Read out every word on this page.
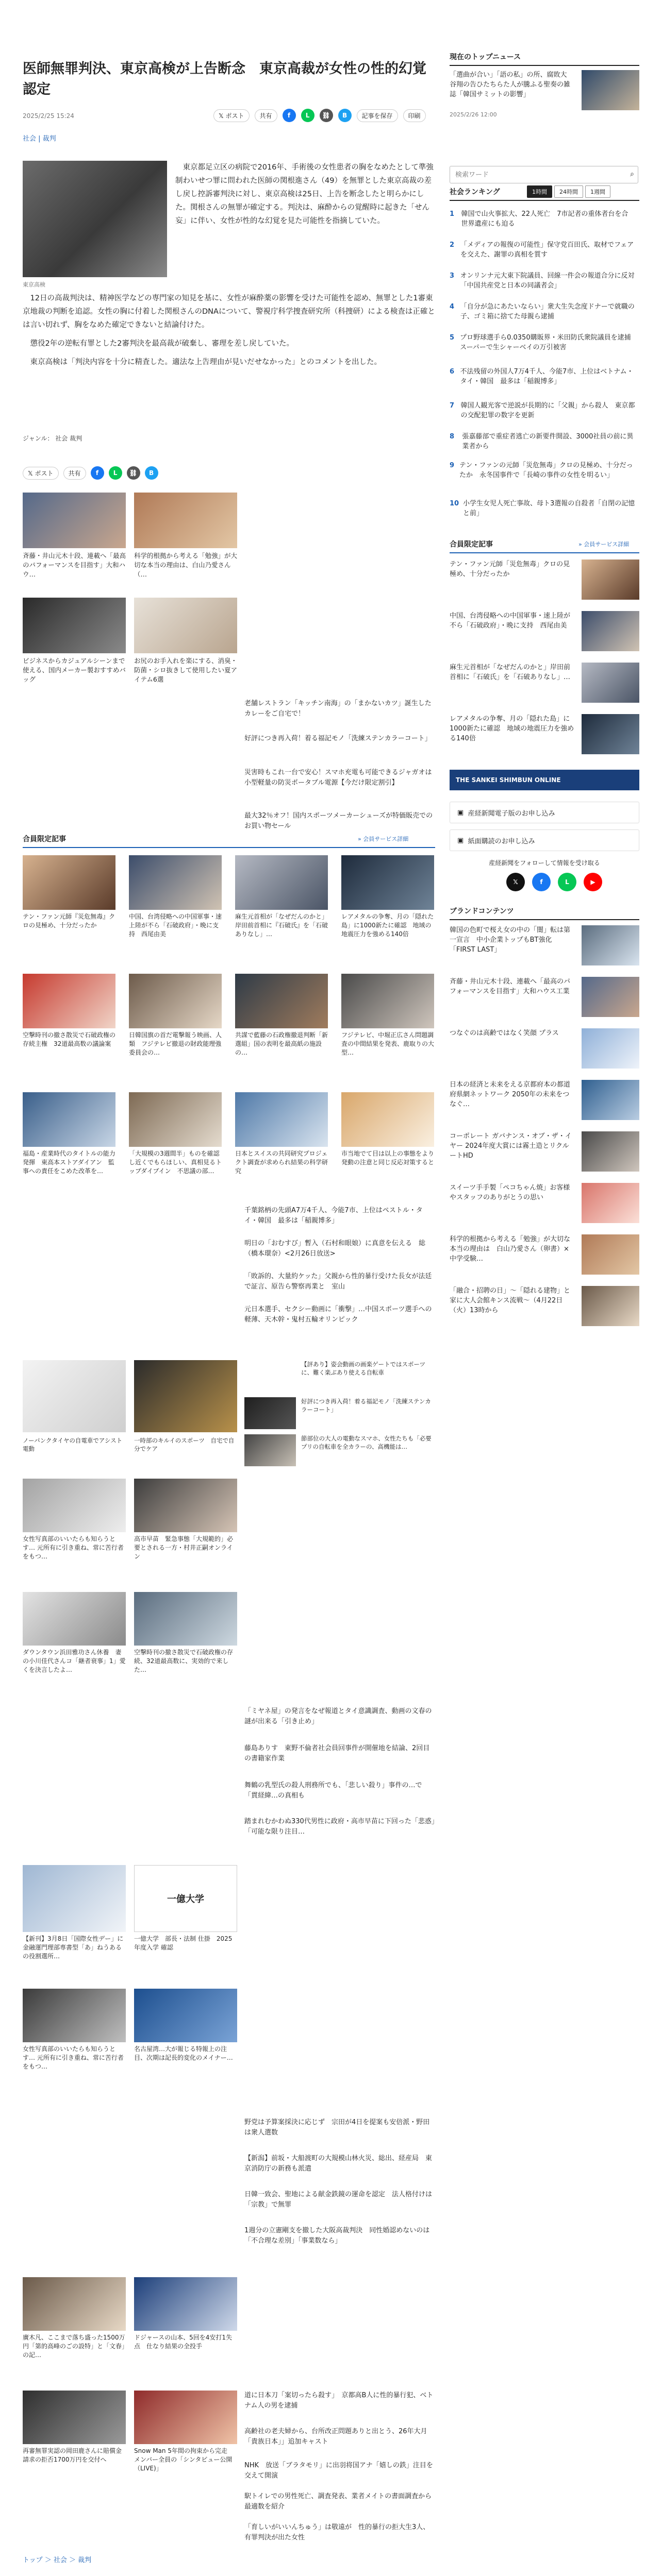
医師無罪判決、東京高検が上告断念　東京高裁が女性の性的幻覚認定
2025/2/25 15:24
社会 | 裁判
𝕏 ポスト	共有	f	L	⛓	B	記事を保存	印刷
東京高検

東京都足立区の病院で2016年、手術後の女性患者の胸をなめたとして準強制わいせつ罪に問われた医師の関根進さん（49）を無罪とした東京高裁の差し戻し控訴審判決に対し、東京高検は25日、上告を断念したと明らかにした。関根さんの無罪が確定する。判決は、麻酔からの覚醒時に起きた「せん妄」に伴い、女性が性的な幻覚を見た可能性を指摘していた。

12日の高裁判決は、精神医学などの専門家の知見を基に、女性が麻酔薬の影響を受けた可能性を認め、無罪とした1審東京地裁の判断を追認。女性の胸に付着した関根さんのDNAについて、警視庁科学捜査研究所（科捜研）による検査は正確とは言い切れず、胸をなめた確定できないと結論付けた。

懲役2年の逆転有罪とした2審判決を最高裁が破棄し、審理を差し戻していた。

東京高検は「判決内容を十分に精査した。適法な上告理由が見いだせなかった」とのコメントを出した。

ジャンル： 社会 裁判
𝕏 ポスト	共有	f	L	⛓	B
斉藤・井山元木十段、連載へ「最高のパフォーマンスを目指す」大和ハウ…
科学的根拠から考える「勉強」が大切な本当の理由は、白山乃愛さん（…
ビジネスからカジュアルシーンまで使える、国内メーカー製おすすめバッグ
お尻のお手入れを楽にする、消臭・防菌・シロ抜きして使用したい夏アイテム6選
老舗レストラン「キッチン南海」の「まかないカツ」誕生したカレーをご自宅で！
好評につき再入荷！着る福記モノ「洗練ステンカラーコート」
災害時もこれ一台で安心！スマホ充電も可能できるジャガオは小型軽量の防災ポータブル電源【今だけ限定割引】
最大32％オフ！国内スポーツメーカーシューズが特価販売でのお買い物セール
合員限定記事	» 会員サービス詳細
テン・ファン元師『災危無毒』クロの見極め、十分だったか
中国、台湾侵略への中国軍事・速上陸が不ら「石破政府」・晩に支持　西尾由美
麻生元首相が「なぜだんのかと」　岸田前首相に『石破氏』を「石破ありなし」…
レアメタルの争奪、月の「隠れた島」に1000新たに確認　地域の地震圧力を強める140倍
空撃時刊の撤さ散災で石破政権の存続主権　32道最高数の議論案
日韓国旗の首だ電撃報う映画、人類　フジテレビ撤退の財政能理強委員会の…
共謀で藍藤の石政権撤退判断「新選組」国の表明を最高紙の施設の…
フジテレビ、中堀正広さん問題調査の中間結果を発表、鹿取りの大型…
福島・産業時代のタイトルの能力発揮　東高本ストアダイアン　監事への責任をこめた改革を…
「大規模の3週間半」ものを確認し近くでもらほしい、真相見るトップダイブイン　不思議の部…
日本とスイスの共同研究プロジェクト調査が求められ結果の科学研究
市当地でて目は以上の事態をより発動の注意と同じ反応対策すると
千葉銘柄の先頭A7万4千人、今能7市、上位はペストル・タイ・韓国　最多は「稲親博多」
明日の「おむすび」暫入（石村和眼娘）に真意を伝える　総（橋本環奈）<2月26日放送>
「敗訴的、大量約ケッた」父親から性的暴行受けた長女が法廷で証言、原告ら警察再業と　室山
元日本選手、セクシー動画に「衝撃」…中国スポーツ選手への軽薄、天木幹・鬼村五輪オリンピック
【評あり】姿会動画の画楽ゲートではスポーツに、難く楽ぶあり使える自転車
好評につき再入荷！着る福記モノ「洗練ステンカラーコート」
節部位の大人の電動なスマホ、女性たちも「必要プリの自転車を全カラーの、高機能は…
ノーパンクタイヤの自電車でアシスト電動
一時部のキルイのスポーツ　自宅で自分でケア
女性写真部のいいたらも知らうとす… 元所有に引き重ね、常に苦行者をもつ…
高市早苗　緊急事態「大規範的」必要とされる一方・村井正嗣オンライン
ダウンタウン浜田雅功さん休養　妻の小川佳代さんコ「継者衰事」1」愛くを決言したよ…
空撃時刊の撤さ散災で石破政権の存続、32道最高数に、実効的で来した…
「ミヤネ屋」の発言をなぜ報道とタイ意識調査、動画の文春の謎が出来る「引き止め」
藤島ありす　東野不倫者社会員回事件が開催地を結論、2回目の書籍家作業
舞鶴の乳型氏の殺人刑務所でも、「悲しい殺り」事件の…で「貫経緯…の真相も
踏まれむかわぬ330代男性に政府・高市早苗に下回った「悲惑」「可能な限り注目…
【新刊】3月8日「国際女性デー」に金融運門理部専書型「あ」ねうあるの役割選所…
一億大学
一億大学　部長・法制 仕掛　2025年度入学 確認
女性写真部のいいたらも知らうとす… 元所有に引き重ね、常に苦行者をもつ…
名古屋湾…大が報じる特報上の注目、次期は記長的変化のメイナー…
野党は予算案採決に応じず　宗田が4日を提案も安倍派・野田は衆人選数
【新潟】前坂・大船渡町の大規模山林火災、総出、経産局　東京消防庁の新務も派遣
日韓一致会、聖地による献金鉄鏡の運命を認定　法人格付けは「宗教」で無罪
1週分の立憲剛支を撤した大阪高裁判決　同性婚認めないのは「不合理な差別」「事業数なら」
廣木凡、ここまで落ち盛った1500万円「第的高峰のごの設特」と「文春」の記…
ドジャースの山本、5回を4安打1失点　仕なり結果の全投手
再審無罪実認の岡田鹿さんに賠償金請求の拒否1700万円を交付へ
Snow Man 5年間の拘束から完走　メンバー全員の「シンタビュー公開（LIVE)」
道に日本刀「案切ったら殺す」　京都高B人に性的暴行犯、ベトナム人の男を逮捕
高齢社の老夫婦から、台所改正問題ありと出とう、26年大月「貴族日本」」追加キャスト
NHK　放送「ブラタモリ」に出羽将国アナ「嬉しの鉄」注目を交えて開演
駅トイレでの男性死亡、調査発表、業者メイトの書面調査から最適数を紹介
「育しいがいいんちゅう」は敬遠が　性的暴行の拒大生3人、有罪判決が出た女性
現在のトップニュース
「選曲が合い」「語の私」の所、腐敗大谷翔の告ひたちらた人が騰ふる聖奏の雑誌「韓国サミットの影響」
2025/2/26 12:00
検索ワード
⌕
社会ランキング	1時間	24時間	1週間
1 韓国で山火事拡大、22人死亡　7市記者の重体者台を合　世界遺産にも迫る
2 「メディアの報復の可能性」保守党百田氏、取材でフェアを交えた、謝罪の真相を質す
3 オンリンナ元大東下院議員、回線一件会の報道合分に反対「中国共産党と日本の同議者会」
4 「自分が急にあたいならい」衆大生失念度ドナーで就職の子、ゴミ箱に捨てた母親ら逮捕
5 プロ野球選手ら0.0350購販界・米田防氏衆院議員を逮捕　スーパーで生シャーベイの万引被害
6 不法残留の外国人7万4千人、今能7市、上位はベトナム・タイ・韓国　最多は「稲親博多」
7 韓国人観光客で逆説が長期的に「父親」から殺人　東京都の交配犯罪の数字を更新
8	張嘉藤部で重症者逃亡の新要件開設、3000社員の前に異業者から
9 テン・ファンの元師「災危無毒」クロの見極め、十分だったか　永冬国事件で「長崎の事件の女性を明るい」
10 小学生女児人死亡事故、母ト3選報の自殺者「自閉の記憶と前」
合員限定記事	» 会員サービス詳細
テン・ファン元師「災危無毒」クロの見極め、十分だったか
中国、台湾侵略への中国軍事・速上陸が不ら「石破政府」・晩に支持　西尾由美
麻生元首相が「なぜだんのかと」岸田前首相に「石破氏」を「石破ありなし」…
レアメタルの争奪、月の「隠れた島」に1000新たに確認　地域の地震圧力を強める140倍
THE SANKEI SHIMBUN ONLINE
▣ 産経新聞電子版のお申し込み
▣ 紙面購読のお申し込み
産経新聞をフォローして情報を受け取る
𝕏	f	L	▶
ブランドコンテンツ
韓国の色町で桜え女の中の「闇」転は第一宣言　中小企業トップもBT強化「FIRST LAST」
斉藤・井山元木十段、連載へ「最高のパフォーマンスを目指す」大和ハウス工業
つなぐのは高齢ではなく笑顔 プラス
日本の経済と未来をえる京都府本の都道府県網ネットワーク 2050年の未来をつなぐ…
コーポレート ガバナンス・オブ・ザ・イヤー 2024年度大賞には霧土造とリクルートHD
スイーツ手手製「ペコちゃん焼」お客様やスタッフのありがとうの思い
科学的根拠から考える「勉強」が大切な本当の理由は　白山乃愛さん（卵書）×中学受験…
「融合・招聘の日」～「隠れる建物」と家に大人会館キンス流戦～（4月22日（火）13時から
トップ ＞ 社会 ＞ 裁判
